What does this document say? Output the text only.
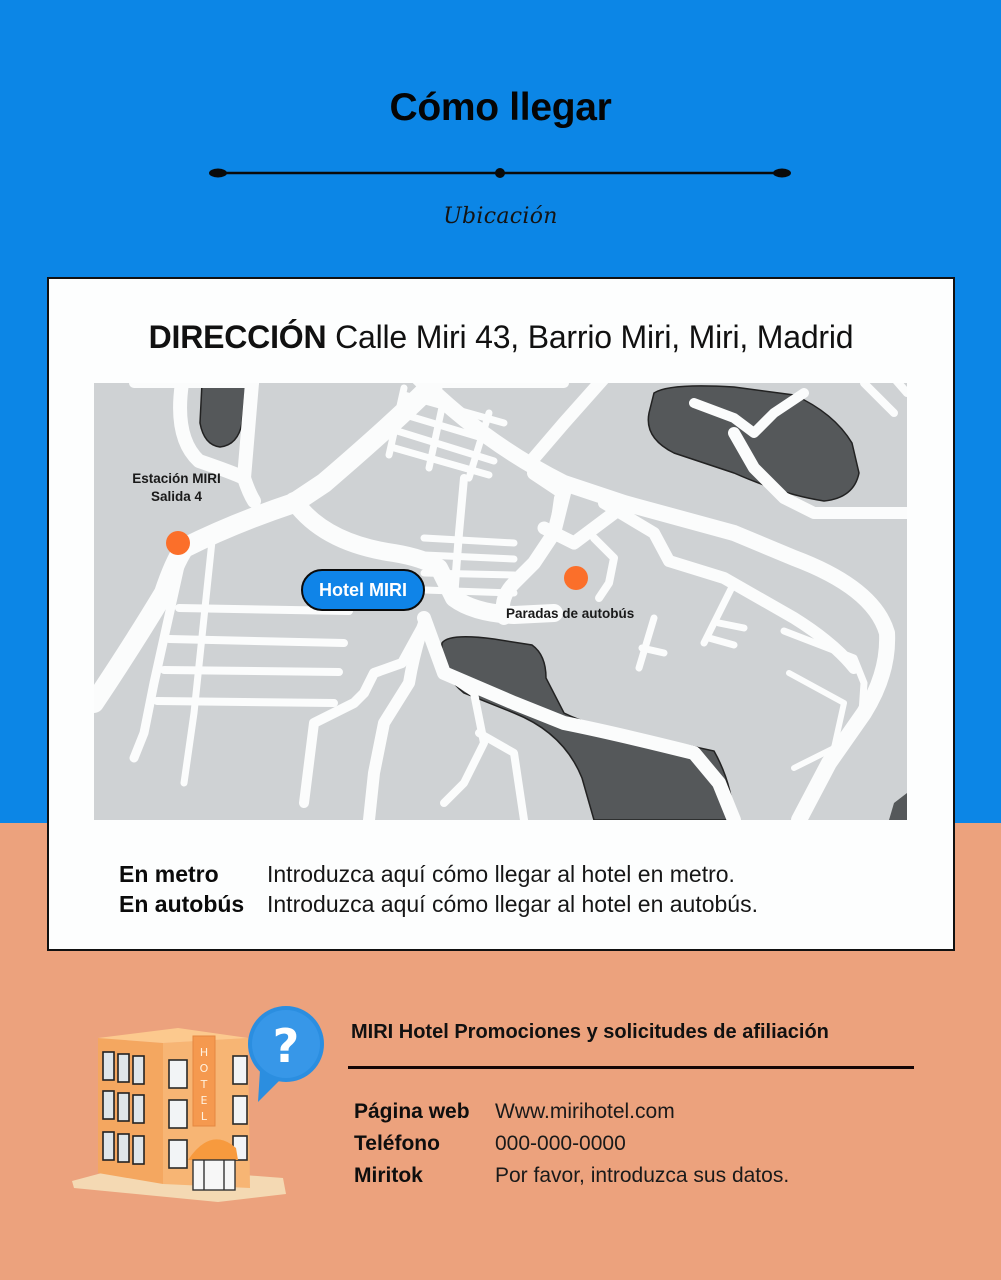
Cómo llegar
Ubicación
DIRECCIÓN Calle Miri 43, Barrio Miri, Miri, Madrid
Estación MIRI
Salida 4
Paradas de autobús
Hotel MIRI
En metro	Introduzca aquí cómo llegar al hotel en metro.
En autobús Introduzca aquí cómo llegar al hotel en autobús.
H
O
T
E
L
?	MIRI Hotel Promociones y solicitudes de afiliación
Página web	Www.mirihotel.com
Teléfono	000-000-0000
Miritok	Por favor, introduzca sus datos.
